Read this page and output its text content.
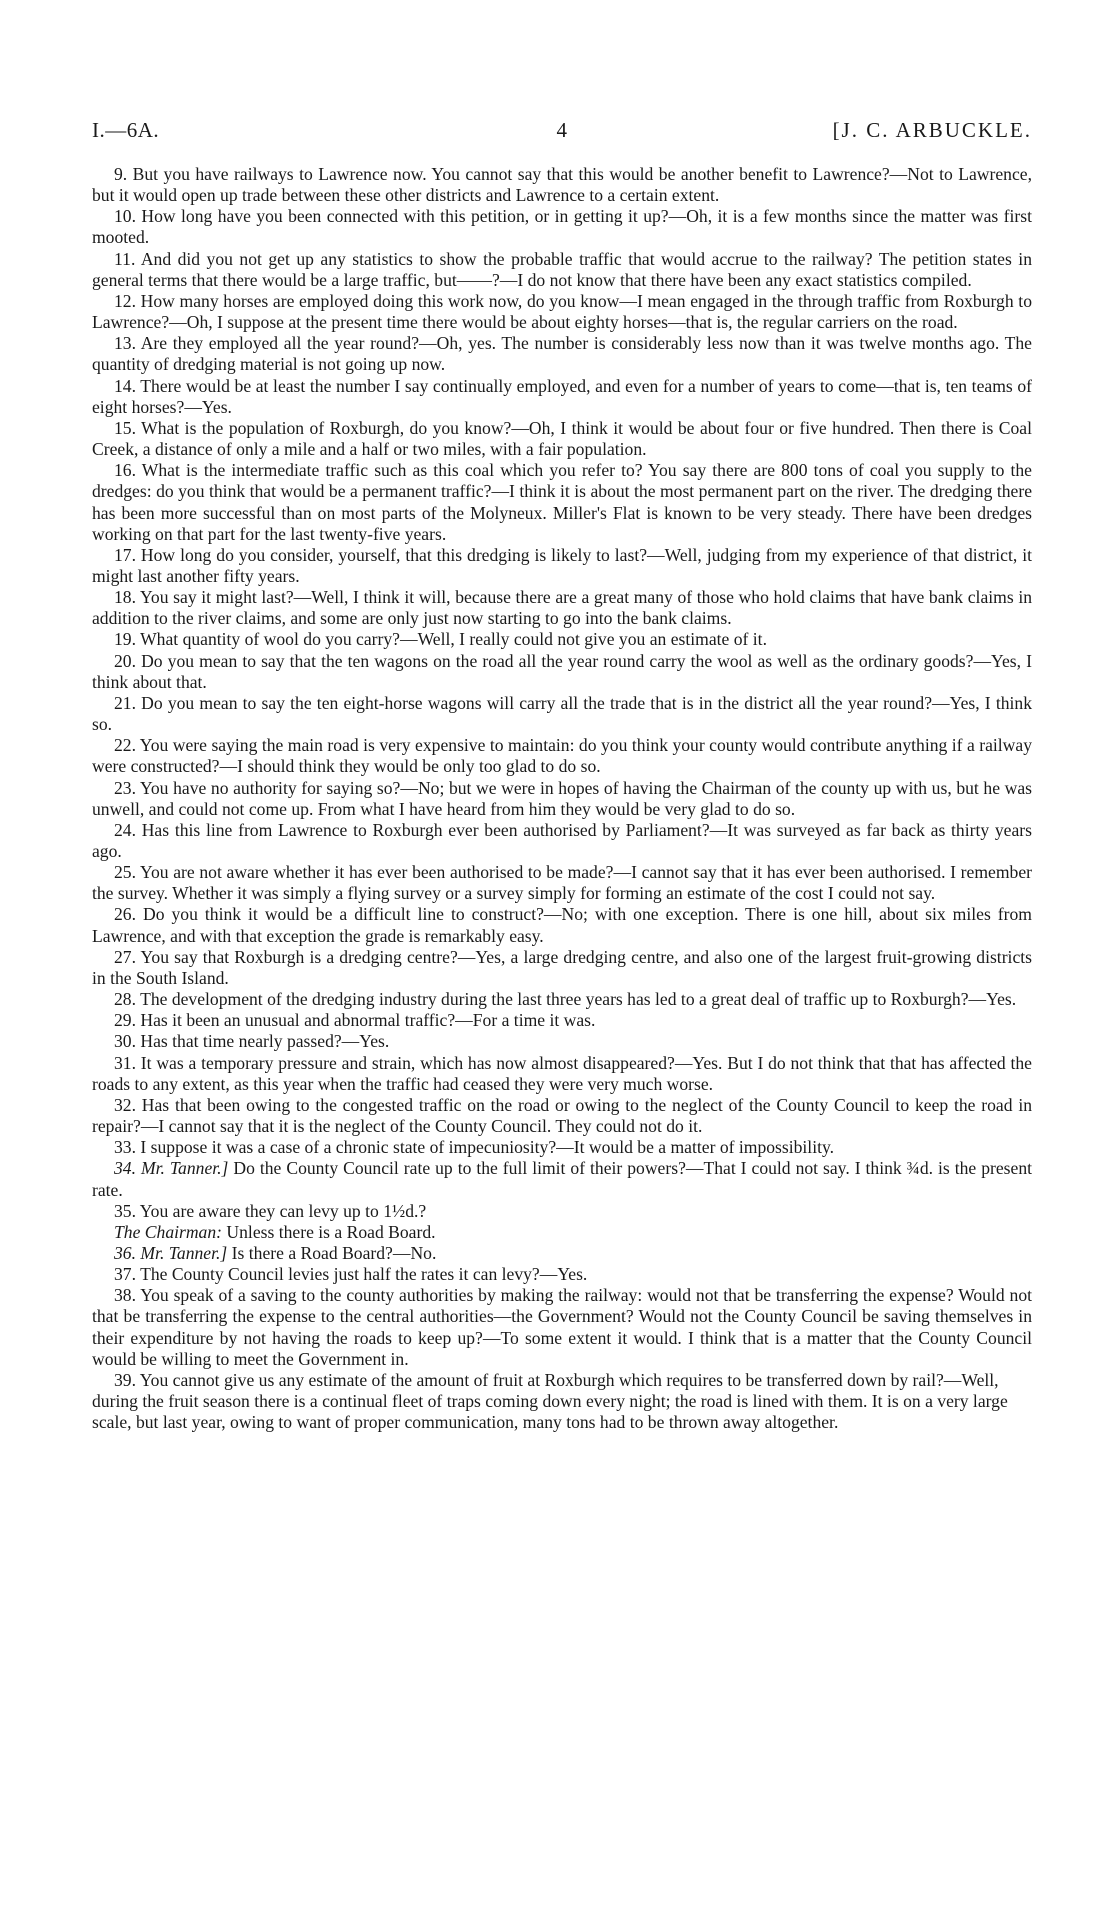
I.—6A.	4	[J. C. ARBUCKLE.

9. But you have railways to Lawrence now. You cannot say that this would be another benefit to Lawrence?—Not to Lawrence, but it would open up trade between these other districts and Lawrence to a certain extent.

10. How long have you been connected with this petition, or in getting it up?—Oh, it is a few months since the matter was first mooted.

11. And did you not get up any statistics to show the probable traffic that would accrue to the railway? The petition states in general terms that there would be a large traffic, but——?—I do not know that there have been any exact statistics compiled.

12. How many horses are employed doing this work now, do you know—I mean engaged in the through traffic from Roxburgh to Lawrence?—Oh, I suppose at the present time there would be about eighty horses—that is, the regular carriers on the road.

13. Are they employed all the year round?—Oh, yes. The number is considerably less now than it was twelve months ago. The quantity of dredging material is not going up now.

14. There would be at least the number I say continually employed, and even for a number of years to come—that is, ten teams of eight horses?—Yes.

15. What is the population of Roxburgh, do you know?—Oh, I think it would be about four or five hundred. Then there is Coal Creek, a distance of only a mile and a half or two miles, with a fair population.

16. What is the intermediate traffic such as this coal which you refer to? You say there are 800 tons of coal you supply to the dredges: do you think that would be a permanent traffic?—I think it is about the most permanent part on the river. The dredging there has been more successful than on most parts of the Molyneux. Miller's Flat is known to be very steady. There have been dredges working on that part for the last twenty-five years.

17. How long do you consider, yourself, that this dredging is likely to last?—Well, judging from my experience of that district, it might last another fifty years.

18. You say it might last?—Well, I think it will, because there are a great many of those who hold claims that have bank claims in addition to the river claims, and some are only just now starting to go into the bank claims.

19. What quantity of wool do you carry?—Well, I really could not give you an estimate of it.

20. Do you mean to say that the ten wagons on the road all the year round carry the wool as well as the ordinary goods?—Yes, I think about that.

21. Do you mean to say the ten eight-horse wagons will carry all the trade that is in the district all the year round?—Yes, I think so.

22. You were saying the main road is very expensive to maintain: do you think your county would contribute anything if a railway were constructed?—I should think they would be only too glad to do so.

23. You have no authority for saying so?—No; but we were in hopes of having the Chairman of the county up with us, but he was unwell, and could not come up. From what I have heard from him they would be very glad to do so.

24. Has this line from Lawrence to Roxburgh ever been authorised by Parliament?—It was surveyed as far back as thirty years ago.

25. You are not aware whether it has ever been authorised to be made?—I cannot say that it has ever been authorised. I remember the survey. Whether it was simply a flying survey or a survey simply for forming an estimate of the cost I could not say.

26. Do you think it would be a difficult line to construct?—No; with one exception. There is one hill, about six miles from Lawrence, and with that exception the grade is remarkably easy.

27. You say that Roxburgh is a dredging centre?—Yes, a large dredging centre, and also one of the largest fruit-growing districts in the South Island.

28. The development of the dredging industry during the last three years has led to a great deal of traffic up to Roxburgh?—Yes.

29. Has it been an unusual and abnormal traffic?—For a time it was.

30. Has that time nearly passed?—Yes.

31. It was a temporary pressure and strain, which has now almost disappeared?—Yes. But I do not think that that has affected the roads to any extent, as this year when the traffic had ceased they were very much worse.

32. Has that been owing to the congested traffic on the road or owing to the neglect of the County Council to keep the road in repair?—I cannot say that it is the neglect of the County Council. They could not do it.

33. I suppose it was a case of a chronic state of impecuniosity?—It would be a matter of impossibility.

34. Mr. Tanner.] Do the County Council rate up to the full limit of their powers?—That I could not say. I think ¾d. is the present rate.

35. You are aware they can levy up to 1½d.?

The Chairman: Unless there is a Road Board.

36. Mr. Tanner.] Is there a Road Board?—No.

37. The County Council levies just half the rates it can levy?—Yes.

38. You speak of a saving to the county authorities by making the railway: would not that be transferring the expense? Would not that be transferring the expense to the central authorities—the Government? Would not the County Council be saving themselves in their expenditure by not having the roads to keep up?—To some extent it would. I think that is a matter that the County Council would be willing to meet the Government in.

39. You cannot give us any estimate of the amount of fruit at Roxburgh which requires to be transferred down by rail?—Well, during the fruit season there is a continual fleet of traps coming down every night; the road is lined with them. It is on a very large scale, but last year, owing to want of proper communication, many tons had to be thrown away altogether.
